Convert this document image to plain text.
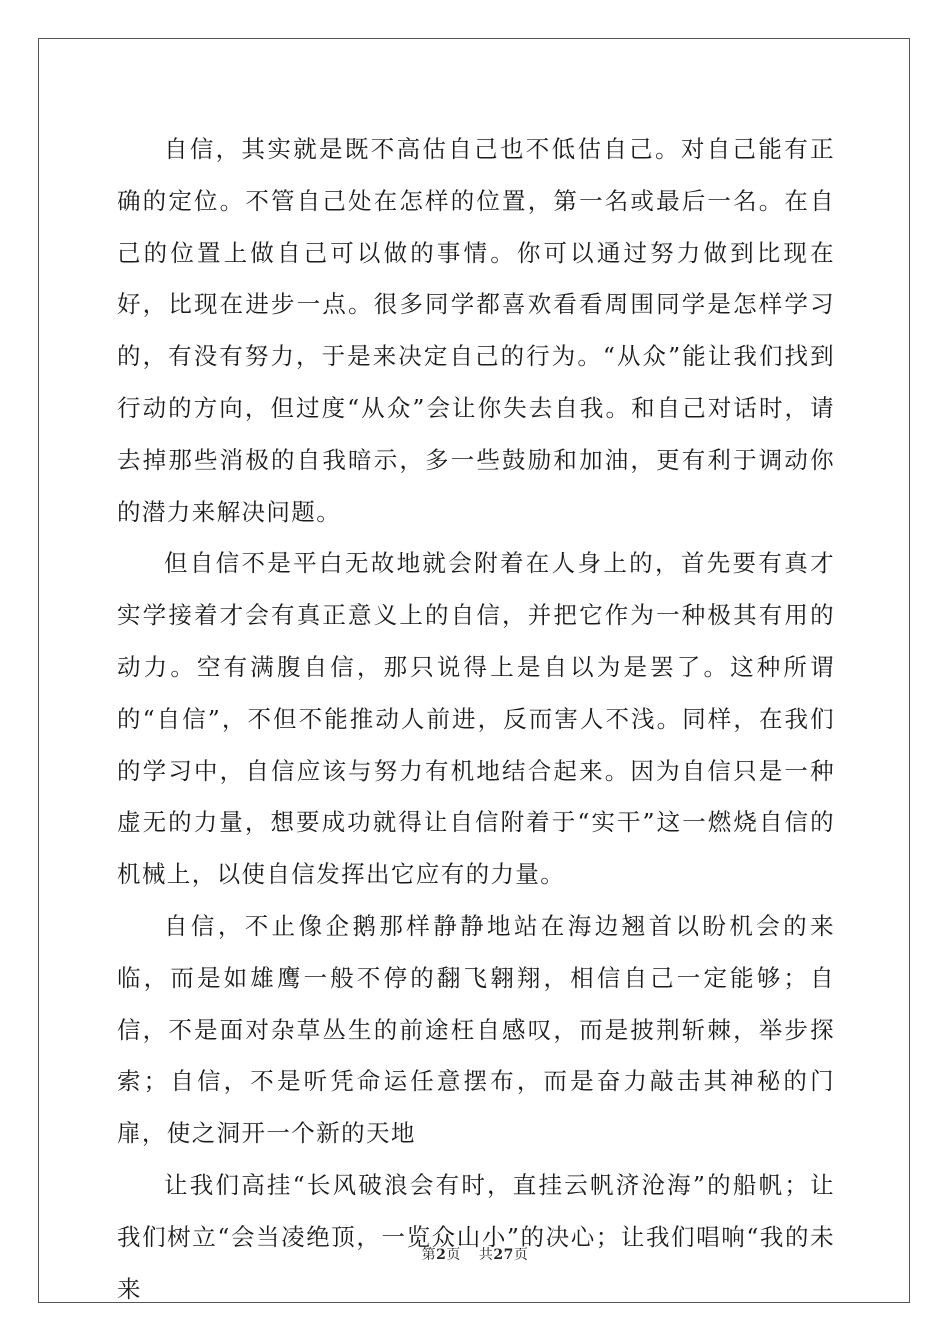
自信，其实就是既不高估自己也不低估自己。对自己能有正确的定位。不管自己处在怎样的位置，第一名或最后一名。在自己的位置上做自己可以做的事情。你可以通过努力做到比现在好，比现在进步一点。很多同学都喜欢看看周围同学是怎样学习的，有没有努力，于是来决定自己的行为。“从众”能让我们找到行动的方向，但过度“从众”会让你失去自我。和自己对话时，请去掉那些消极的自我暗示，多一些鼓励和加油，更有利于调动你的潜力来解决问题。

但自信不是平白无故地就会附着在人身上的，首先要有真才实学接着才会有真正意义上的自信，并把它作为一种极其有用的动力。空有满腹自信，那只说得上是自以为是罢了。这种所谓的“自信”，不但不能推动人前进，反而害人不浅。同样，在我们的学习中，自信应该与努力有机地结合起来。因为自信只是一种虚无的力量，想要成功就得让自信附着于“实干”这一燃烧自信的机械上，以使自信发挥出它应有的力量。

自信，不止像企鹅那样静静地站在海边翘首以盼机会的来临，而是如雄鹰一般不停的翻飞翱翔，相信自己一定能够；自信，不是面对杂草丛生的前途枉自感叹，而是披荆斩棘，举步探索；自信，不是听凭命运任意摆布，而是奋力敲击其神秘的门扉，使之洞开一个新的天地

让我们高挂“长风破浪会有时，直挂云帆济沧海”的船帆；让我们树立“会当凌绝顶，一览众山小”的决心；让我们唱响“我的未来

第2页 共27页
